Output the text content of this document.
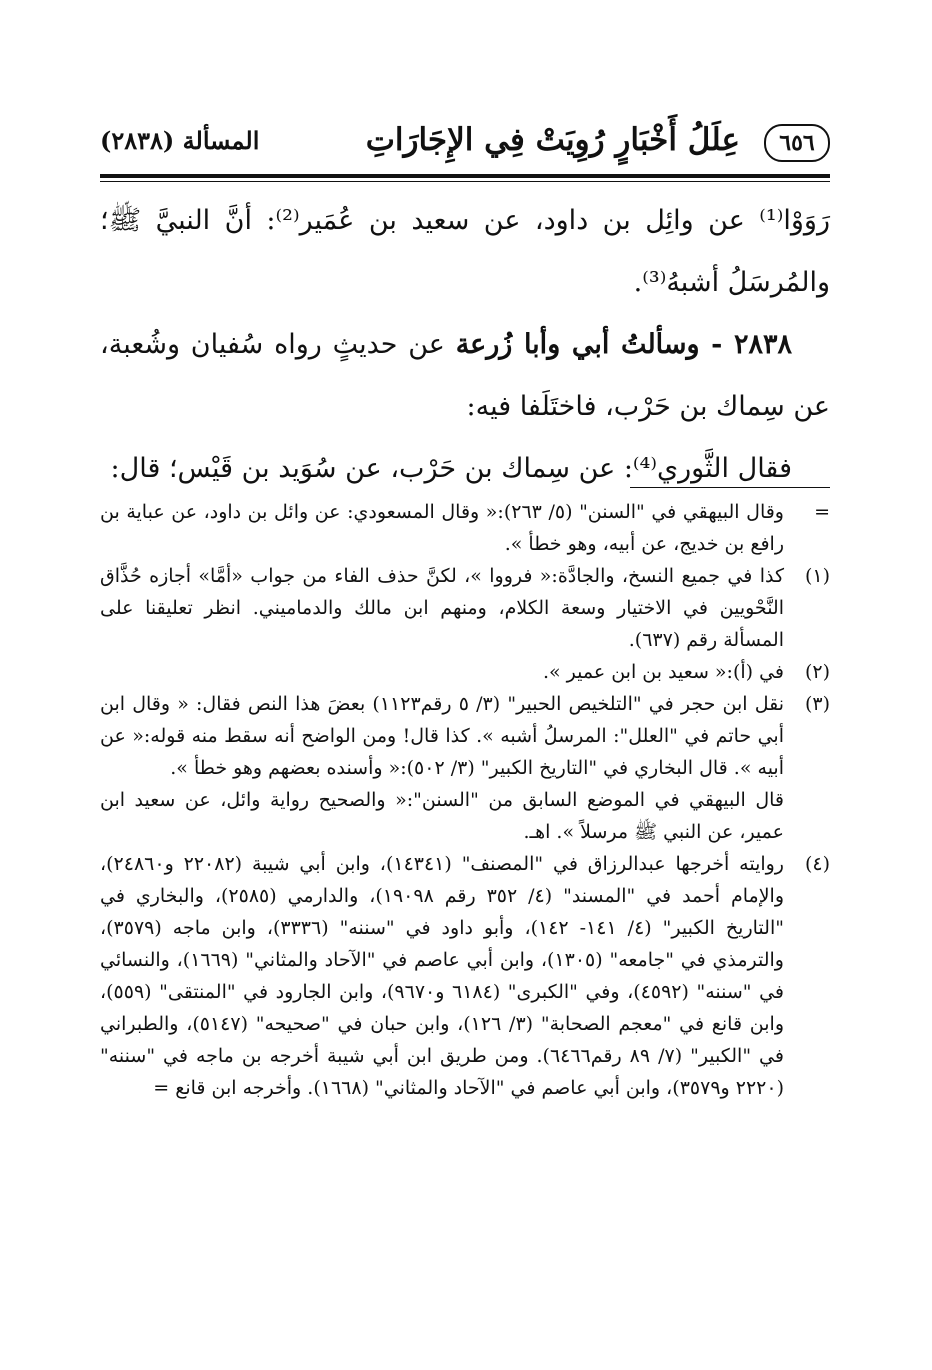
٦٥٦
عِلَلُ أَخْبَارٍ رُوِيَتْ فِي الإِجَارَاتِ
المسألة (٢٨٣٨)

رَوَوْا⁽¹⁾ عن وائِل بن داود، عن سعيد بن عُمَير⁽²⁾: أنَّ النبيَّ ﷺ؛ والمُرسَلُ أشبهُ⁽³⁾.

٢٨٣٨ - وسألتُ أبي وأبا زُرعة عن حديثٍ رواه سُفيان وشُعبة، عن سِماك بن حَرْب، فاختَلَفا فيه:

فقال الثَّوري⁽⁴⁾: عن سِماك بن حَرْب، عن سُوَيد بن قَيْس؛ قال:

=
وقال البيهقي في "السنن" (٥/ ٢٦٣):« وقال المسعودي: عن وائل بن داود، عن عباية بن رافع بن خديج، عن أبيه، وهو خطأ ».

(١)
كذا في جميع النسخ، والجادَّة:« فرووا »، لكنَّ حذف الفاء من جواب «أمَّا» أجازه حُذَّاق النَّحْويين في الاختيار وسعة الكلام، ومنهم ابن مالك والدماميني. انظر تعليقنا على المسألة رقم (٦٣٧).

(٢)
في (أ):« سعيد بن ابن عمير ».

(٣)
نقل ابن حجر في "التلخيص الحبير" (٣/ ٥ رقم١١٢٣) بعضَ هذا النص فقال: « وقال ابن أبي حاتم في "العلل": المرسلُ أشبه ». كذا قال! ومن الواضح أنه سقط منه قوله:« عن أبيه ». قال البخاري في "التاريخ الكبير" (٣/ ٥٠٢):« وأسنده بعضهم وهو خطأ ».

قال البيهقي في الموضع السابق من "السنن":« والصحيح رواية وائل، عن سعيد ابن عمير، عن النبي ﷺ مرسلاً ». اهـ.

(٤)
روايته أخرجها عبدالرزاق في "المصنف" (١٤٣٤١)، وابن أبي شيبة (٢٢٠٨٢ و٢٤٨٦٠)، والإمام أحمد في "المسند" (٤/ ٣٥٢ رقم ١٩٠٩٨)، والدارمي (٢٥٨٥)، والبخاري في "التاريخ الكبير" (٤/ ١٤١- ١٤٢)، وأبو داود في "سننه" (٣٣٣٦)، وابن ماجه (٣٥٧٩)، والترمذي في "جامعه" (١٣٠٥)، وابن أبي عاصم في "الآحاد والمثاني" (١٦٦٩)، والنسائي في "سننه" (٤٥٩٢)، وفي "الكبرى" (٦١٨٤ و٩٦٧٠)، وابن الجارود في "المنتقى" (٥٥٩)، وابن قانع في "معجم الصحابة" (٣/ ١٢٦)، وابن حبان في "صحيحه" (٥١٤٧)، والطبراني في "الكبير" (٧/ ٨٩ رقم٦٤٦٦). ومن طريق ابن أبي شيبة أخرجه بن ماجه في "سننه" (٢٢٢٠ و٣٥٧٩)، وابن أبي عاصم في "الآحاد والمثاني" (١٦٦٨). وأخرجه ابن قانع =
